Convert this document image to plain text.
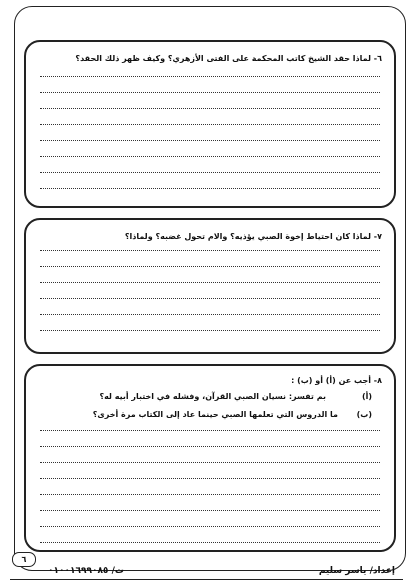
٦- لماذا حقد الشيخ كاتب المحكمة على الفتى الأزهري؟ وكيف ظهر ذلك الحقد؟
٧- لماذا كان احتياط إخوة الصبي يؤذيه؟ والام تحول غضبه؟ ولماذا؟
٨- أجب عن (أ) أو (ب) :
(أ)
بم تفسر: نسيان الصبي القرآن، وفشله في اختبار أبيه له؟
(ب)
ما الدروس التي تعلمها الصبي حينما عاد إلى الكتاب مرة أخرى؟
٦
ت/ ٠١٠٠١٦٩٩٠٨٥	إعداد/ ياسر سليم
